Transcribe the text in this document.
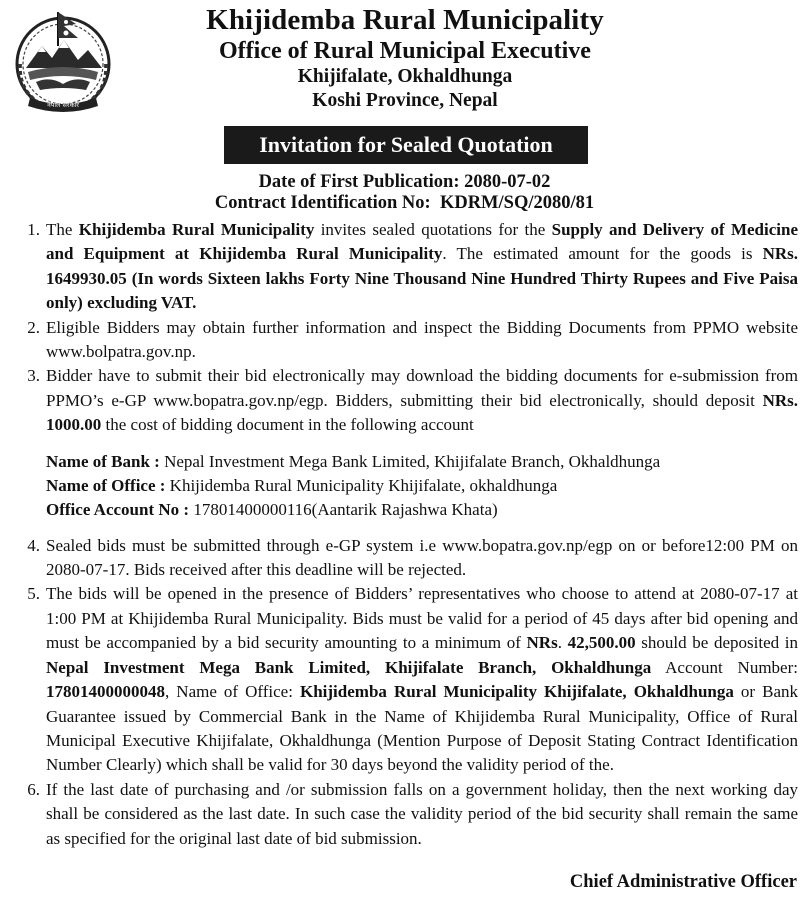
नेपाल सरकार
Khijidemba Rural Municipality
Office of Rural Municipal Executive
Khijifalate, Okhaldhunga
Koshi Province, Nepal
Invitation for Sealed Quotation
Date of First Publication: 2080-07-02
Contract Identification No: KDRM/SQ/2080/81
1. The Khijidemba Rural Municipality invites sealed quotations for the Supply and Delivery of Medicine and Equipment at Khijidemba Rural Municipality. The estimated amount for the goods is NRs. 1649930.05 (In words Sixteen lakhs Forty Nine Thousand Nine Hundred Thirty Rupees and Five Paisa only) excluding VAT.

2. Eligible Bidders may obtain further information and inspect the Bidding Documents from PPMO website www.bolpatra.gov.np.

3. Bidder have to submit their bid electronically may download the bidding documents for e-submission from PPMO’s e-GP www.bopatra.gov.np/egp. Bidders, submitting their bid electronically, should deposit NRs. 1000.00 the cost of bidding document in the following account

Name of Bank : Nepal Investment Mega Bank Limited, Khijifalate Branch, Okhaldhunga
Name of Office : Khijidemba Rural Municipality Khijifalate, okhaldhunga
Office Account No : 17801400000116(Aantarik Rajashwa Khata)
4. Sealed bids must be submitted through e-GP system i.e www.bopatra.gov.np/egp on or before12:00 PM on 2080-07-17. Bids received after this deadline will be rejected.

5. The bids will be opened in the presence of Bidders’ representatives who choose to attend at 2080-07-17 at 1:00 PM at Khijidemba Rural Municipality. Bids must be valid for a period of 45 days after bid opening and must be accompanied by a bid security amounting to a minimum of NRs. 42,500.00 should be deposited in Nepal Investment Mega Bank Limited, Khijifalate Branch, Okhaldhunga Account Number: 17801400000048, Name of Office: Khijidemba Rural Municipality Khijifalate, Okhaldhunga or Bank Guarantee issued by Commercial Bank in the Name of Khijidemba Rural Municipality, Office of Rural Municipal Executive Khijifalate, Okhaldhunga (Mention Purpose of Deposit Stating Contract Identification Number Clearly) which shall be valid for 30 days beyond the validity period of the.

6. If the last date of purchasing and /or submission falls on a government holiday, then the next working day shall be considered as the last date. In such case the validity period of the bid security shall remain the same as specified for the original last date of bid submission.

Chief Administrative Officer
